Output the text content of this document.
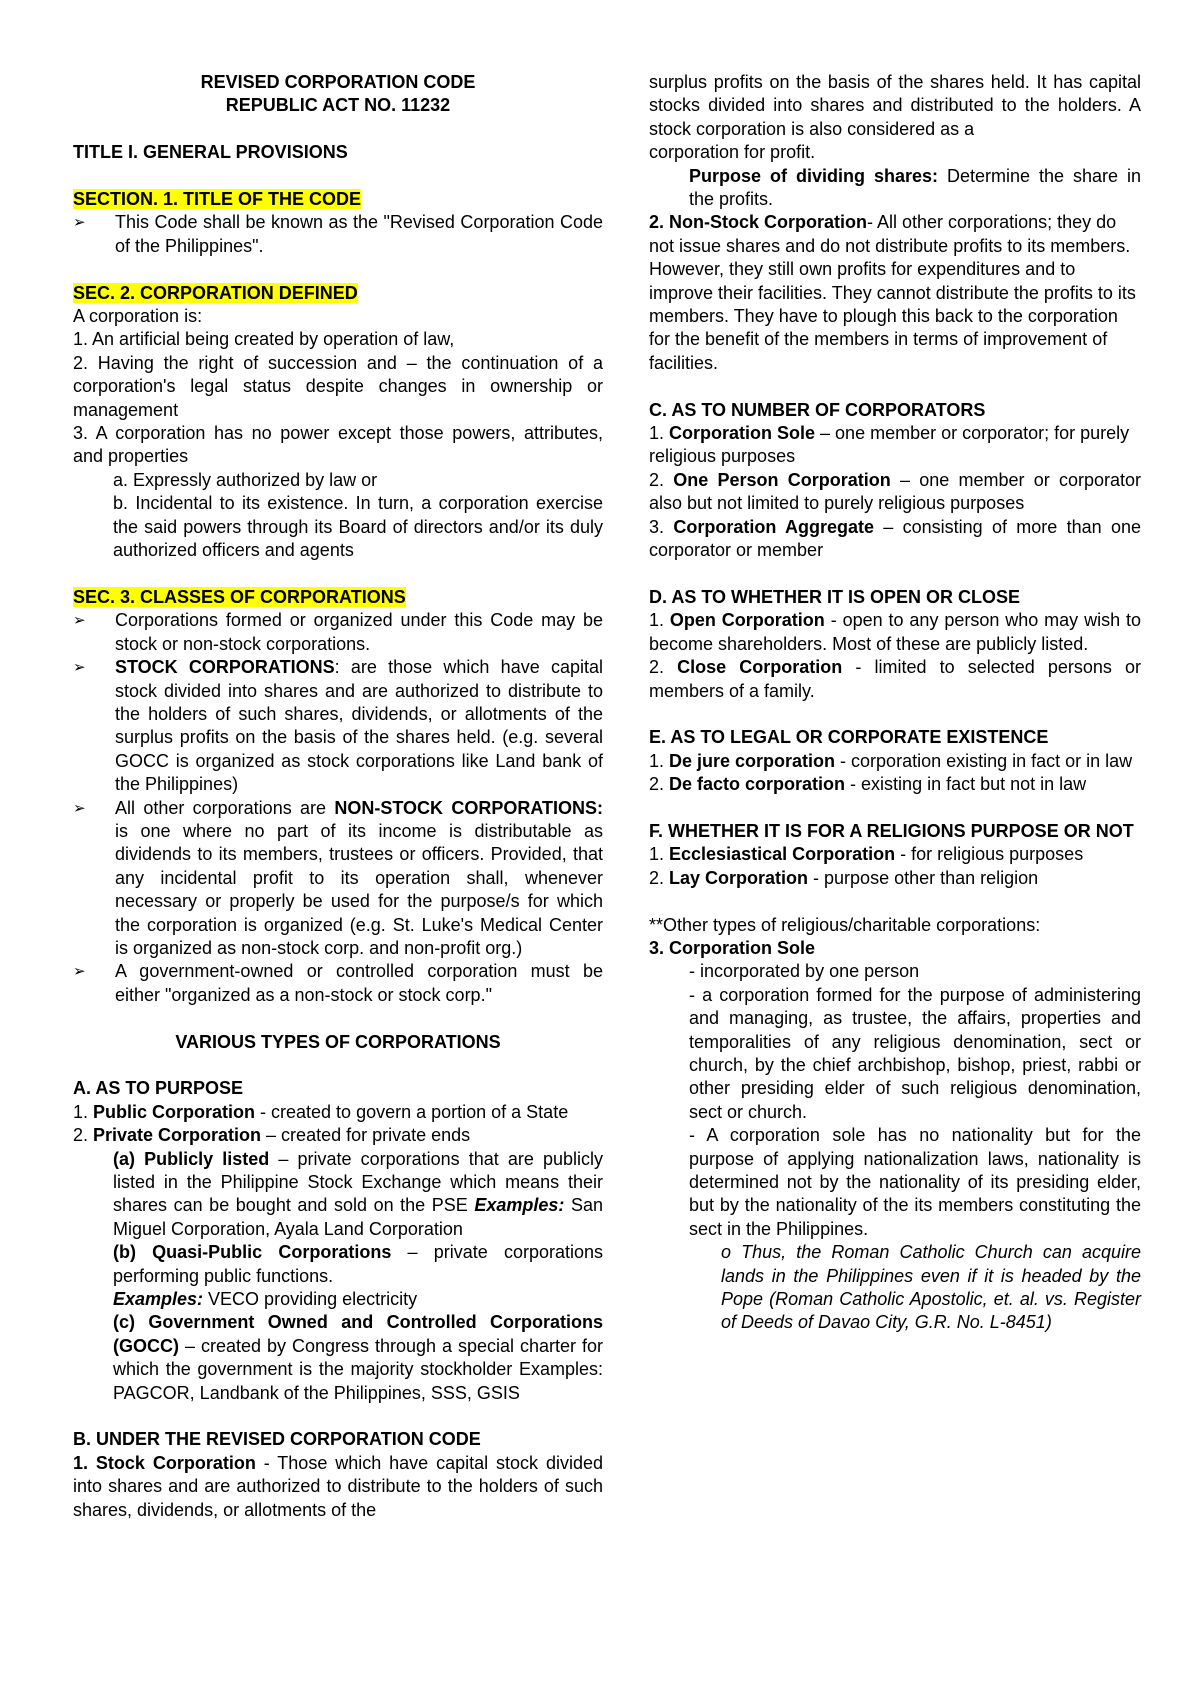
REVISED CORPORATION CODE

REPUBLIC ACT NO. 11232

TITLE I. GENERAL PROVISIONS

SECTION. 1. TITLE OF THE CODE

➢ This Code shall be known as the "Revised Corporation Code of the Philippines".

SEC. 2. CORPORATION DEFINED

A corporation is:

1. An artificial being created by operation of law,

2. Having the right of succession and – the continuation of a corporation's legal status despite changes in ownership or management

3. A corporation has no power except those powers, attributes, and properties

a. Expressly authorized by law or

b. Incidental to its existence. In turn, a corporation exercise the said powers through its Board of directors and/or its duly authorized officers and agents

SEC. 3. CLASSES OF CORPORATIONS

➢ Corporations formed or organized under this Code may be stock or non-stock corporations.

➢ STOCK CORPORATIONS: are those which have capital stock divided into shares and are authorized to distribute to the holders of such shares, dividends, or allotments of the surplus profits on the basis of the shares held. (e.g. several GOCC is organized as stock corporations like Land bank of the Philippines)

➢ All other corporations are NON-STOCK CORPORATIONS: is one where no part of its income is distributable as dividends to its members, trustees or officers. Provided, that any incidental profit to its operation shall, whenever necessary or properly be used for the purpose/s for which the corporation is organized (e.g. St. Luke's Medical Center is organized as non-stock corp. and non-profit org.)

➢ A government-owned or controlled corporation must be either "organized as a non-stock or stock corp."

VARIOUS TYPES OF CORPORATIONS

A. AS TO PURPOSE

1. Public Corporation - created to govern a portion of a State

2. Private Corporation – created for private ends

(a) Publicly listed – private corporations that are publicly listed in the Philippine Stock Exchange which means their shares can be bought and sold on the PSE Examples: San Miguel Corporation, Ayala Land Corporation

(b) Quasi-Public Corporations – private corporations performing public functions.

Examples: VECO providing electricity

(c) Government Owned and Controlled Corporations (GOCC) – created by Congress through a special charter for which the government is the majority stockholder Examples: PAGCOR, Landbank of the Philippines, SSS, GSIS

B. UNDER THE REVISED CORPORATION CODE

1. Stock Corporation - Those which have capital stock divided into shares and are authorized to distribute to the holders of such shares, dividends, or allotments of the

surplus profits on the basis of the shares held. It has capital stocks divided into shares and distributed to the holders. A stock corporation is also considered as a

corporation for profit.

Purpose of dividing shares: Determine the share in the profits.

2. Non-Stock Corporation- All other corporations; they do not issue shares and do not distribute profits to its members.

However, they still own profits for expenditures and to improve their facilities. They cannot distribute the profits to its members. They have to plough this back to the corporation for the benefit of the members in terms of improvement of facilities.

C. AS TO NUMBER OF CORPORATORS

1. Corporation Sole – one member or corporator; for purely

religious purposes

2. One Person Corporation – one member or corporator also but not limited to purely religious purposes

3. Corporation Aggregate – consisting of more than one corporator or member

D. AS TO WHETHER IT IS OPEN OR CLOSE

1. Open Corporation - open to any person who may wish to become shareholders. Most of these are publicly listed.

2. Close Corporation - limited to selected persons or members of a family.

E. AS TO LEGAL OR CORPORATE EXISTENCE

1. De jure corporation - corporation existing in fact or in law

2. De facto corporation - existing in fact but not in law

F. WHETHER IT IS FOR A RELIGIONS PURPOSE OR NOT

1. Ecclesiastical Corporation - for religious purposes

2. Lay Corporation - purpose other than religion

**Other types of religious/charitable corporations:

3. Corporation Sole

- incorporated by one person

- a corporation formed for the purpose of administering and managing, as trustee, the affairs, properties and temporalities of any religious denomination, sect or church, by the chief archbishop, bishop, priest, rabbi or other presiding elder of such religious denomination, sect or church.

- A corporation sole has no nationality but for the purpose of applying nationalization laws, nationality is determined not by the nationality of its presiding elder, but by the nationality of the its members constituting the sect in the Philippines.

o Thus, the Roman Catholic Church can acquire lands in the Philippines even if it is headed by the Pope (Roman Catholic Apostolic, et. al. vs. Register of Deeds of Davao City, G.R. No. L-8451)
